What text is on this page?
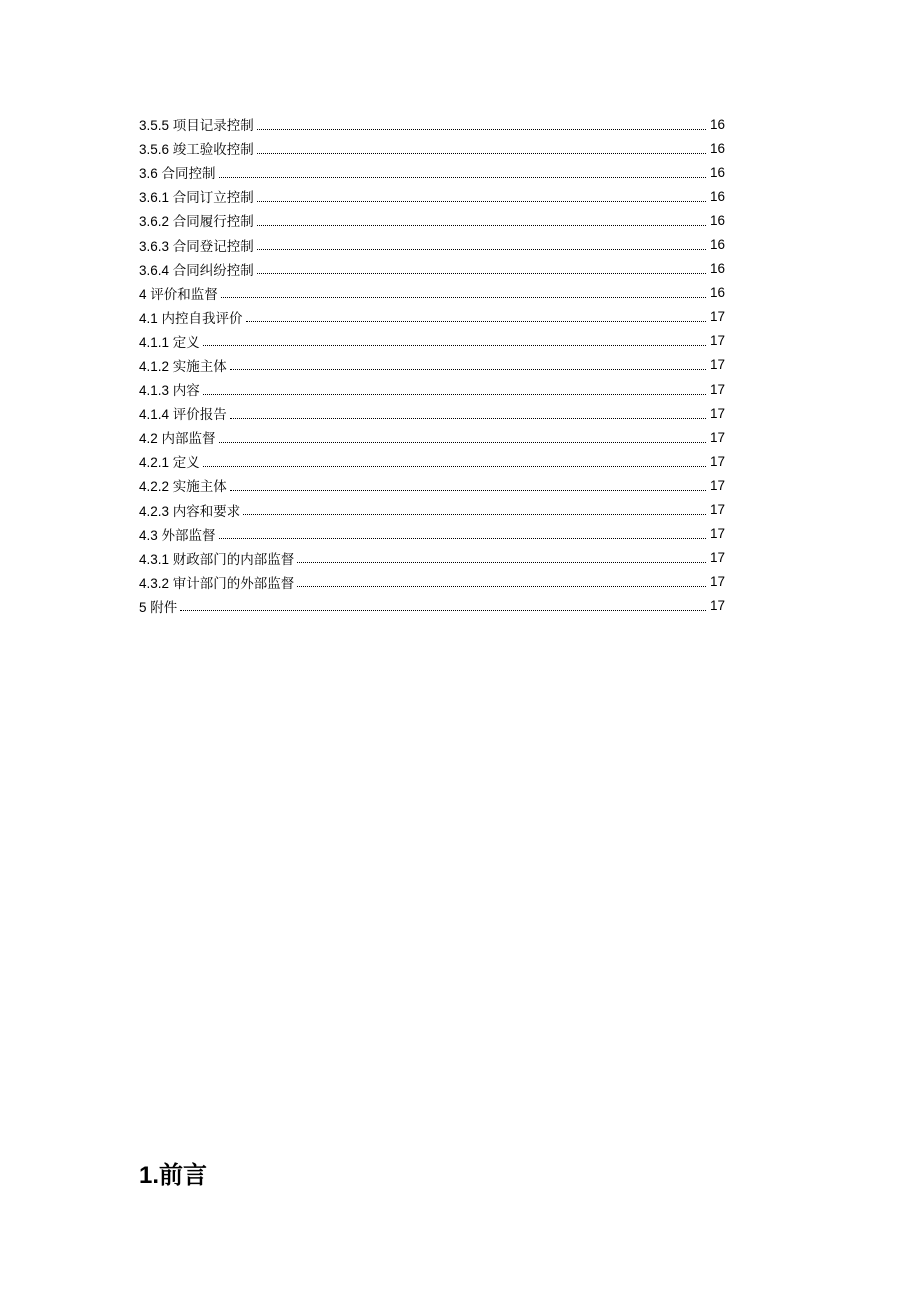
3.5.5 项目记录控制	16
3.5.6 竣工验收控制	16
3.6 合同控制	16
3.6.1 合同订立控制	16
3.6.2 合同履行控制	16
3.6.3 合同登记控制	16
3.6.4 合同纠纷控制	16
4 评价和监督	16
4.1 内控自我评价	17
4.1.1 定义	17
4.1.2 实施主体	17
4.1.3 内容	17
4.1.4 评价报告	17
4.2 内部监督	17
4.2.1 定义	17
4.2.2 实施主体	17
4.2.3 内容和要求	17
4.3 外部监督	17
4.3.1 财政部门的内部监督	17
4.3.2 审计部门的外部监督	17
5 附件	17
1.前言
